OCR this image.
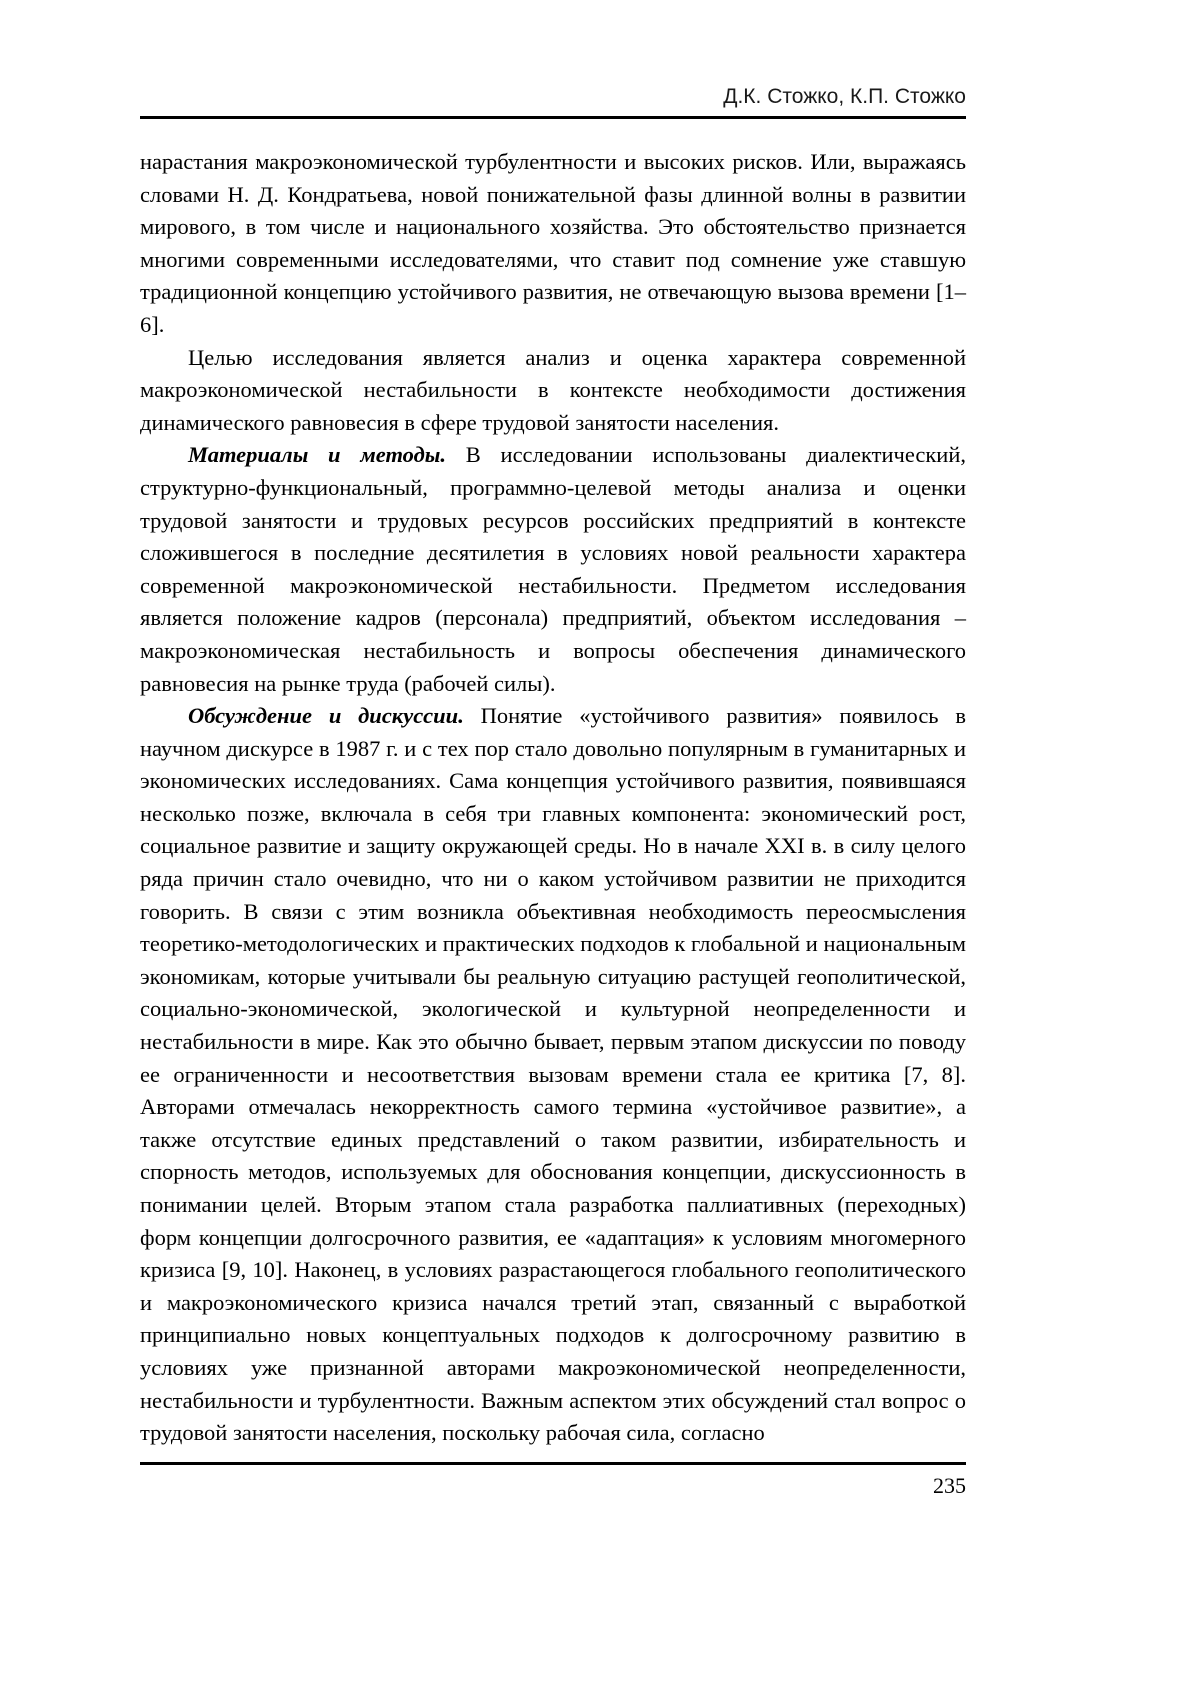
Д.К. Стожко, К.П. Стожко

нарастания макроэкономической турбулентности и высоких рисков. Или, выражаясь словами Н. Д. Кондратьева, новой понижательной фазы длинной волны в развитии мирового, в том числе и национального хозяйства. Это обстоятельство признается многими современными исследователями, что ставит под сомнение уже ставшую традиционной концепцию устойчивого развития, не отвечающую вызова времени [1–6].

Целью исследования является анализ и оценка характера современной макроэкономической нестабильности в контексте необходимости достижения динамического равновесия в сфере трудовой занятости населения.

Материалы и методы. В исследовании использованы диалектический, структурно-функциональный, программно-целевой методы анализа и оценки трудовой занятости и трудовых ресурсов российских предприятий в контексте сложившегося в последние десятилетия в условиях новой реальности характера современной макроэкономической нестабильности. Предметом исследования является положение кадров (персонала) предприятий, объектом исследования – макроэкономическая нестабильность и вопросы обеспечения динамического равновесия на рынке труда (рабочей силы).

Обсуждение и дискуссии. Понятие «устойчивого развития» появилось в научном дискурсе в 1987 г. и с тех пор стало довольно популярным в гуманитарных и экономических исследованиях. Сама концепция устойчивого развития, появившаяся несколько позже, включала в себя три главных компонента: экономический рост, социальное развитие и защиту окружающей среды. Но в начале XXI в. в силу целого ряда причин стало очевидно, что ни о каком устойчивом развитии не приходится говорить. В связи с этим возникла объективная необходимость переосмысления теоретико-методологических и практических подходов к глобальной и национальным экономикам, которые учитывали бы реальную ситуацию растущей геополитической, социально-экономической, экологической и культурной неопределенности и нестабильности в мире. Как это обычно бывает, первым этапом дискуссии по поводу ее ограниченности и несоответствия вызовам времени стала ее критика [7, 8]. Авторами отмечалась некорректность самого термина «устойчивое развитие», а также отсутствие единых представлений о таком развитии, избирательность и спорность методов, используемых для обоснования концепции, дискуссионность в понимании целей. Вторым этапом стала разработка паллиативных (переходных) форм концепции долгосрочного развития, ее «адаптация» к условиям многомерного кризиса [9, 10]. Наконец, в условиях разрастающегося глобального геополитического и макроэкономического кризиса начался третий этап, связанный с выработкой принципиально новых концептуальных подходов к долгосрочному развитию в условиях уже признанной авторами макроэкономической неопределенности, нестабильности и турбулентности. Важным аспектом этих обсуждений стал вопрос о трудовой занятости населения, поскольку рабочая сила, согласно

235
